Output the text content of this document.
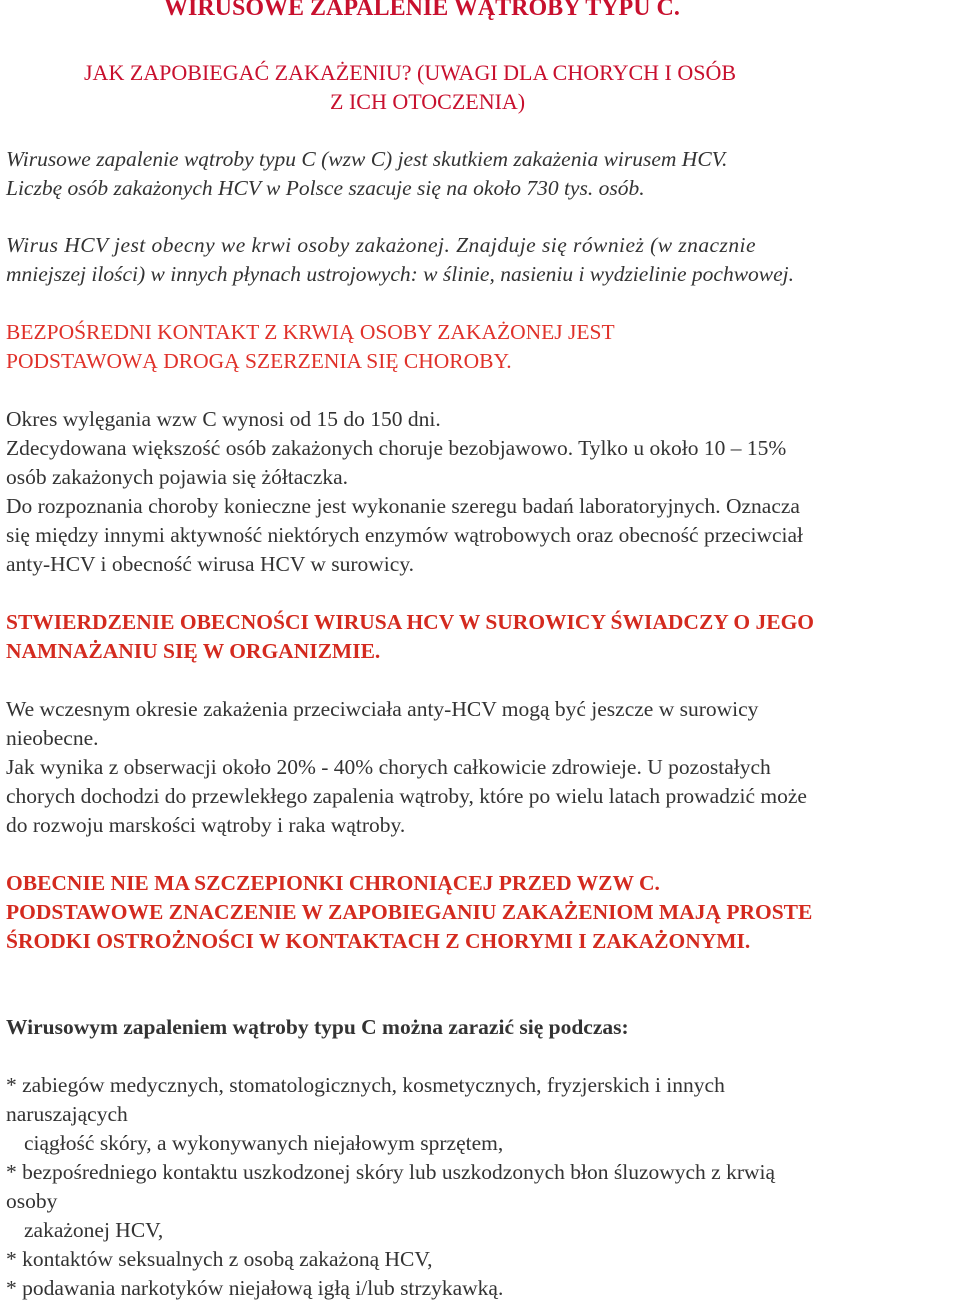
WIRUSOWE ZAPALENIE WĄTROBY TYPU C.
JAK ZAPOBIEGAĆ ZAKAŻENIU? (UWAGI DLA CHORYCH I OSÓB
Z ICH OTOCZENIA)
Wirusowe zapalenie wątroby typu C (wzw C) jest skutkiem zakażenia wirusem HCV.
Liczbę osób zakażonych HCV w Polsce szacuje się na około 730 tys. osób.
Wirus HCV jest obecny we krwi osoby zakażonej. Znajduje się również (w znacznie
mniejszej ilości) w innych płynach ustrojowych: w ślinie, nasieniu i wydzielinie pochwowej.
BEZPOŚREDNI KONTAKT Z KRWIĄ OSOBY ZAKAŻONEJ JEST
PODSTAWOWĄ DROGĄ SZERZENIA SIĘ CHOROBY.
Okres wylęgania wzw C wynosi od 15 do 150 dni.
Zdecydowana większość osób zakażonych choruje bezobjawowo. Tylko u około 10 – 15%
osób zakażonych pojawia się żółtaczka.
Do rozpoznania choroby konieczne jest wykonanie szeregu badań laboratoryjnych. Oznacza
się między innymi aktywność niektórych enzymów wątrobowych oraz obecność przeciwciał
anty-HCV i obecność wirusa HCV w surowicy.
STWIERDZENIE OBECNOŚCI WIRUSA HCV W SUROWICY ŚWIADCZY O JEGO
NAMNAŻANIU SIĘ W ORGANIZMIE.
We wczesnym okresie zakażenia przeciwciała anty-HCV mogą być jeszcze w surowicy
nieobecne.
Jak wynika z obserwacji około 20% - 40% chorych całkowicie zdrowieje. U pozostałych
chorych dochodzi do przewlekłego zapalenia wątroby, które po wielu latach prowadzić może
do rozwoju marskości wątroby i raka wątroby.
OBECNIE NIE MA SZCZEPIONKI CHRONIĄCEJ PRZED WZW C.
PODSTAWOWE ZNACZENIE W ZAPOBIEGANIU ZAKAŻENIOM MAJĄ PROSTE
ŚRODKI OSTROŻNOŚCI W KONTAKTACH Z CHORYMI I ZAKAŻONYMI.
Wirusowym zapaleniem wątroby typu C można zarazić się podczas:
* zabiegów medycznych, stomatologicznych, kosmetycznych, fryzjerskich i innych
naruszających
ciągłość skóry, a wykonywanych niejałowym sprzętem,
* bezpośredniego kontaktu uszkodzonej skóry lub uszkodzonych błon śluzowych z krwią
osoby
zakażonej HCV,
* kontaktów seksualnych z osobą zakażoną HCV,
* podawania narkotyków niejałową igłą i/lub strzykawką.
